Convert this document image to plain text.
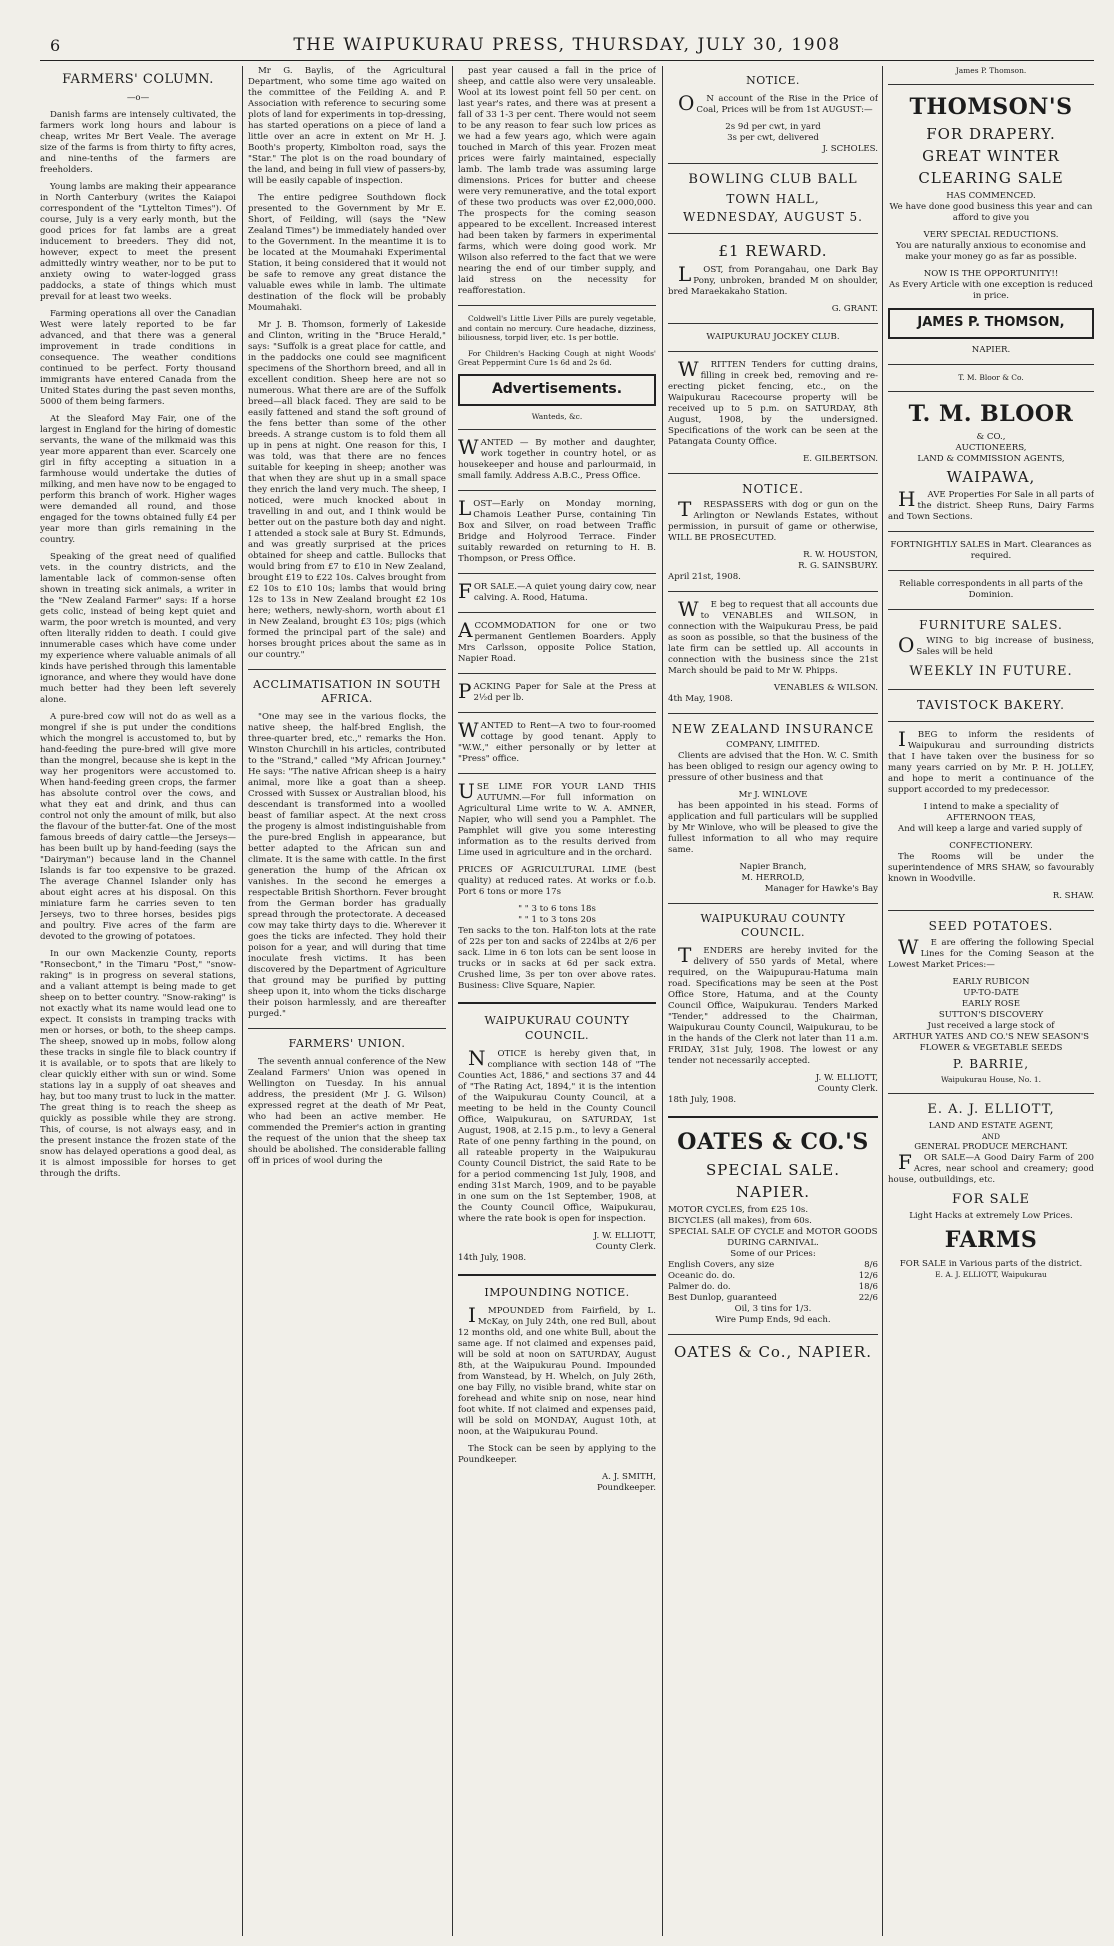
6	THE WAIPUKURAU PRESS, THURSDAY, JULY 30, 1908
FARMERS' COLUMN.
—o—

Danish farms are intensely cultivated, the farmers work long hours and labour is cheap, writes Mr Bert Veale. The average size of the farms is from thirty to fifty acres, and nine-tenths of the farmers are freeholders.

Young lambs are making their appearance in North Canterbury (writes the Kaiapoi correspondent of the "Lyttelton Times"). Of course, July is a very early month, but the good prices for fat lambs are a great inducement to breeders. They did not, however, expect to meet the present admittedly wintry weather, nor to be put to anxiety owing to water-logged grass paddocks, a state of things which must prevail for at least two weeks.

Farming operations all over the Canadian West were lately reported to be far advanced, and that there was a general improvement in trade conditions in consequence. The weather conditions continued to be perfect. Forty thousand immigrants have entered Canada from the United States during the past seven months, 5000 of them being farmers.

At the Sleaford May Fair, one of the largest in England for the hiring of domestic servants, the wane of the milkmaid was this year more apparent than ever. Scarcely one girl in fifty accepting a situation in a farmhouse would undertake the duties of milking, and men have now to be engaged to perform this branch of work. Higher wages were demanded all round, and those engaged for the towns obtained fully £4 per year more than girls remaining in the country.

Speaking of the great need of qualified vets. in the country districts, and the lamentable lack of common-sense often shown in treating sick animals, a writer in the "New Zealand Farmer" says: If a horse gets colic, instead of being kept quiet and warm, the poor wretch is mounted, and very often literally ridden to death. I could give innumerable cases which have come under my experience where valuable animals of all kinds have perished through this lamentable ignorance, and where they would have done much better had they been left severely alone.

A pure-bred cow will not do as well as a mongrel if she is put under the conditions which the mongrel is accustomed to, but by hand-feeding the pure-bred will give more than the mongrel, because she is kept in the way her progenitors were accustomed to. When hand-feeding green crops, the farmer has absolute control over the cows, and what they eat and drink, and thus can control not only the amount of milk, but also the flavour of the butter-fat. One of the most famous breeds of dairy cattle—the Jerseys—has been built up by hand-feeding (says the "Dairyman") because land in the Channel Islands is far too expensive to be grazed. The average Channel Islander only has about eight acres at his disposal. On this miniature farm he carries seven to ten Jerseys, two to three horses, besides pigs and poultry. Five acres of the farm are devoted to the growing of potatoes.

In our own Mackenzie County, reports "Ronsecbont," in the Timaru "Post," "snow-raking" is in progress on several stations, and a valiant attempt is being made to get sheep on to better country. "Snow-raking" is not exactly what its name would lead one to expect. It consists in tramping tracks with men or horses, or both, to the sheep camps. The sheep, snowed up in mobs, follow along these tracks in single file to black country if it is available, or to spots that are likely to clear quickly either with sun or wind. Some stations lay in a supply of oat sheaves and hay, but too many trust to luck in the matter. The great thing is to reach the sheep as quickly as possible while they are strong. This, of course, is not always easy, and in the present instance the frozen state of the snow has delayed operations a good deal, as it is almost impossible for horses to get through the drifts.

Mr G. Baylis, of the Agricultural Department, who some time ago waited on the committee of the Feilding A. and P. Association with reference to securing some plots of land for experiments in top-dressing, has started operations on a piece of land a little over an acre in extent on Mr H. J. Booth's property, Kimbolton road, says the "Star." The plot is on the road boundary of the land, and being in full view of passers-by, will be easily capable of inspection.

The entire pedigree Southdown flock presented to the Government by Mr E. Short, of Feilding, will (says the "New Zealand Times") be immediately handed over to the Government. In the meantime it is to be located at the Moumahaki Experimental Station, it being considered that it would not be safe to remove any great distance the valuable ewes while in lamb. The ultimate destination of the flock will be probably Moumahaki.

Mr J. B. Thomson, formerly of Lakeside and Clinton, writing in the "Bruce Herald," says: "Suffolk is a great place for cattle, and in the paddocks one could see magnificent specimens of the Shorthorn breed, and all in excellent condition. Sheep here are not so numerous. What there are are of the Suffolk breed—all black faced. They are said to be easily fattened and stand the soft ground of the fens better than some of the other breeds. A strange custom is to fold them all up in pens at night. One reason for this, I was told, was that there are no fences suitable for keeping in sheep; another was that when they are shut up in a small space they enrich the land very much. The sheep, I noticed, were much knocked about in travelling in and out, and I think would be better out on the pasture both day and night. I attended a stock sale at Bury St. Edmunds, and was greatly surprised at the prices obtained for sheep and cattle. Bullocks that would bring from £7 to £10 in New Zealand, brought £19 to £22 10s. Calves brought from £2 10s to £10 10s; lambs that would bring 12s to 13s in New Zealand brought £2 10s here; wethers, newly-shorn, worth about £1 in New Zealand, brought £3 10s; pigs (which formed the principal part of the sale) and horses brought prices about the same as in our country."

ACCLIMATISATION IN SOUTH AFRICA.

"One may see in the various flocks, the native sheep, the half-bred English, the three-quarter bred, etc.," remarks the Hon. Winston Churchill in his articles, contributed to the "Strand," called "My African Journey." He says: "The native African sheep is a hairy animal, more like a goat than a sheep. Crossed with Sussex or Australian blood, his descendant is transformed into a woolled beast of familiar aspect. At the next cross the progeny is almost indistinguishable from the pure-bred English in appearance, but better adapted to the African sun and climate. It is the same with cattle. In the first generation the hump of the African ox vanishes. In the second he emerges a respectable British Shorthorn. Fever brought from the German border has gradually spread through the protectorate. A deceased cow may take thirty days to die. Wherever it goes the ticks are infected. They hold their poison for a year, and will during that time inoculate fresh victims. It has been discovered by the Department of Agriculture that ground may be purified by putting sheep upon it, into whom the ticks discharge their poison harmlessly, and are thereafter purged."

FARMERS' UNION.

The seventh annual conference of the New Zealand Farmers' Union was opened in Wellington on Tuesday. In his annual address, the president (Mr J. G. Wilson) expressed regret at the death of Mr Peat, who had been an active member. He commended the Premier's action in granting the request of the union that the sheep tax should be abolished. The considerable falling off in prices of wool during the

past year caused a fall in the price of sheep, and cattle also were very unsaleable. Wool at its lowest point fell 50 per cent. on last year's rates, and there was at present a fall of 33 1-3 per cent. There would not seem to be any reason to fear such low prices as we had a few years ago, which were again touched in March of this year. Frozen meat prices were fairly maintained, especially lamb. The lamb trade was assuming large dimensions. Prices for butter and cheese were very remunerative, and the total export of these two products was over £2,000,000. The prospects for the coming season appeared to be excellent. Increased interest had been taken by farmers in experimental farms, which were doing good work. Mr Wilson also referred to the fact that we were nearing the end of our timber supply, and laid stress on the necessity for reafforestation.

Coldwell's Little Liver Pills are purely vegetable, and contain no mercury. Cure headache, dizziness, biliousness, torpid liver, etc. 1s per bottle.

For Children's Hacking Cough at night Woods' Great Peppermint Cure 1s 6d and 2s 6d.

Advertisements.
Wanteds, &c.

WANTED — By mother and daughter, work together in country hotel, or as housekeeper and house and parlourmaid, in small family. Address A.B.C., Press Office.

LOST—Early on Monday morning, Chamois Leather Purse, containing Tin Box and Silver, on road between Traffic Bridge and Holyrood Terrace. Finder suitably rewarded on returning to H. B. Thompson, or Press Office.

FOR SALE.—A quiet young dairy cow, near calving. A. Rood, Hatuma.

ACCOMMODATION for one or two permanent Gentlemen Boarders. Apply Mrs Carlsson, opposite Police Station, Napier Road.

PACKING Paper for Sale at the Press at 2½d per lb.

WANTED to Rent—A two to four-roomed cottage by good tenant. Apply to "W.W.," either personally or by letter at "Press" office.

USE LIME FOR YOUR LAND THIS AUTUMN.—For full information on Agricultural Lime write to W. A. AMNER, Napier, who will send you a Pamphlet. The Pamphlet will give you some interesting information as to the results derived from Lime used in agriculture and in the orchard.

PRICES OF AGRICULTURAL LIME (best quality) at reduced rates. At works or f.o.b. Port 6 tons or more 17s

" " 3 to 6 tons 18s
" " 1 to 3 tons 20s

Ten sacks to the ton. Half-ton lots at the rate of 22s per ton and sacks of 224lbs at 2/6 per sack. Lime in 6 ton lots can be sent loose in trucks or in sacks at 6d per sack extra. Crushed lime, 3s per ton over above rates. Business: Clive Square, Napier.

WAIPUKURAU COUNTY COUNCIL.

NOTICE is hereby given that, in compliance with section 148 of "The Counties Act, 1886," and sections 37 and 44 of "The Rating Act, 1894," it is the intention of the Waipukurau County Council, at a meeting to be held in the County Council Office, Waipukurau, on SATURDAY, 1st August, 1908, at 2.15 p.m., to levy a General Rate of one penny farthing in the pound, on all rateable property in the Waipukurau County Council District, the said Rate to be for a period commencing 1st July, 1908, and ending 31st March, 1909, and to be payable in one sum on the 1st September, 1908, at the County Council Office, Waipukurau, where the rate book is open for inspection.

J. W. ELLIOTT,
County Clerk.
14th July, 1908.
IMPOUNDING NOTICE.

IMPOUNDED from Fairfield, by L. McKay, on July 24th, one red Bull, about 12 months old, and one white Bull, about the same age. If not claimed and expenses paid, will be sold at noon on SATURDAY, August 8th, at the Waipukurau Pound. Impounded from Wanstead, by H. Whelch, on July 26th, one bay Filly, no visible brand, white star on forehead and white snip on nose, near hind foot white. If not claimed and expenses paid, will be sold on MONDAY, August 10th, at noon, at the Waipukurau Pound.

The Stock can be seen by applying to the Poundkeeper.

A. J. SMITH,
Poundkeeper.
NOTICE.

ON account of the Rise in the Price of Coal, Prices will be from 1st AUGUST:—

2s 9d per cwt, in yard
3s per cwt, delivered
J. SCHOLES.
BOWLING CLUB BALL
TOWN HALL,
WEDNESDAY, AUGUST 5.
£1 REWARD.

LOST, from Porangahau, one Dark Bay Pony, unbroken, branded M on shoulder, bred Maraekakaho Station.

G. GRANT.
WAIPUKURAU JOCKEY CLUB.

WRITTEN Tenders for cutting drains, filling in creek bed, removing and re-erecting picket fencing, etc., on the Waipukurau Racecourse property will be received up to 5 p.m. on SATURDAY, 8th August, 1908, by the undersigned. Specifications of the work can be seen at the Patangata County Office.

E. GILBERTSON.
NOTICE.

TRESPASSERS with dog or gun on the Arlington or Newlands Estates, without permission, in pursuit of game or otherwise, WILL BE PROSECUTED.

R. W. HOUSTON,
R. G. SAINSBURY.
April 21st, 1908.

WE beg to request that all accounts due to VENABLES and WILSON, in connection with the Waipukurau Press, be paid as soon as possible, so that the business of the late firm can be settled up. All accounts in connection with the business since the 21st March should be paid to Mr W. Phipps.

VENABLES & WILSON.
4th May, 1908.
NEW ZEALAND INSURANCE
COMPANY, LIMITED.

Clients are advised that the Hon. W. C. Smith has been obliged to resign our agency owing to pressure of other business and that

Mr J. WINLOVE

has been appointed in his stead. Forms of application and full particulars will be supplied by Mr Winlove, who will be pleased to give the fullest information to all who may require same.

Napier Branch,
M. HERROLD,
Manager for Hawke's Bay
WAIPUKURAU COUNTY COUNCIL.

TENDERS are hereby invited for the delivery of 550 yards of Metal, where required, on the Waipupurau-Hatuma main road. Specifications may be seen at the Post Office Store, Hatuma, and at the County Council Office, Waipukurau. Tenders Marked "Tender," addressed to the Chairman, Waipukurau County Council, Waipukurau, to be in the hands of the Clerk not later than 11 a.m. FRIDAY, 31st July, 1908. The lowest or any tender not necessarily accepted.

J. W. ELLIOTT,
County Clerk.
18th July, 1908.
OATES & CO.'S
SPECIAL SALE.
NAPIER.
MOTOR CYCLES, from £25 10s.
BICYCLES (all makes), from 60s.
SPECIAL SALE OF CYCLE and MOTOR GOODS
DURING CARNIVAL.
Some of our Prices:
English Covers, any size	8/6
Oceanic do. do.	12/6
Palmer do. do.	18/6
Best Dunlop, guaranteed	22/6
Oil, 3 tins for 1/3.
Wire Pump Ends, 9d each.
OATES & Co., NAPIER.
James P. Thomson.
THOMSON'S
FOR DRAPERY.
GREAT WINTER
CLEARING SALE
HAS COMMENCED.

We have done good business this year and can afford to give you

VERY SPECIAL REDUCTIONS.

You are naturally anxious to economise and make your money go as far as possible.

NOW IS THE OPPORTUNITY!!
As Every Article with one exception is reduced in price.
JAMES P. THOMSON,
NAPIER.
T. M. Bloor & Co.
T. M. BLOOR
& CO.,
AUCTIONEERS,
LAND & COMMISSION AGENTS,
WAIPAWA,

HAVE Properties For Sale in all parts of the district. Sheep Runs, Dairy Farms and Town Sections.

FORTNIGHTLY SALES in Mart. Clearances as required.

Reliable correspondents in all parts of the Dominion.

FURNITURE SALES.

OWING to big increase of business, Sales will be held

WEEKLY IN FUTURE.
TAVISTOCK BAKERY.

IBEG to inform the residents of Waipukurau and surrounding districts that I have taken over the business for so many years carried on by Mr. P. H. JOLLEY, and hope to merit a continuance of the support accorded to my predecessor.

I intend to make a speciality of
AFTERNOON TEAS,

And will keep a large and varied supply of

CONFECTIONERY.

The Rooms will be under the superintendence of MRS SHAW, so favourably known in Woodville.

R. SHAW.
SEED POTATOES.

WE are offering the following Special Lines for the Coming Season at the Lowest Market Prices:—

EARLY RUBICON
UP-TO-DATE
EARLY ROSE
SUTTON'S DISCOVERY
Just received a large stock of
ARTHUR YATES AND CO.'S NEW SEASON'S FLOWER & VEGETABLE SEEDS
P. BARRIE,
Waipukurau House, No. 1.
E. A. J. ELLIOTT,
LAND AND ESTATE AGENT,
AND
GENERAL PRODUCE MERCHANT.

FOR SALE—A Good Dairy Farm of 200 Acres, near school and creamery; good house, outbuildings, etc.

FOR SALE
Light Hacks at extremely Low Prices.
FARMS
FOR SALE in Various parts of the district.
E. A. J. ELLIOTT, Waipukurau
